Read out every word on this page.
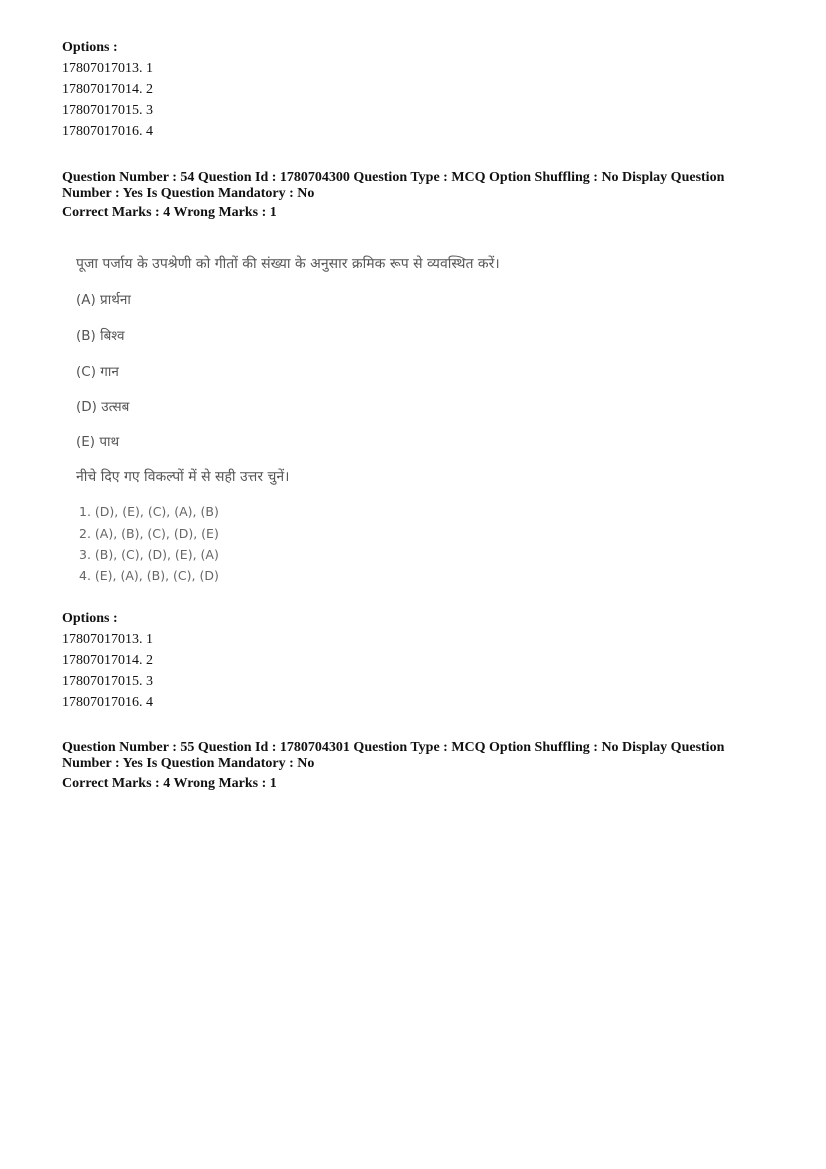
Options :
17807017013. 1
17807017014. 2
17807017015. 3
17807017016. 4
Question Number : 54 Question Id : 1780704300 Question Type : MCQ Option Shuffling : No Display Question Number : Yes Is Question Mandatory : No
Correct Marks : 4 Wrong Marks : 1
पूजा पर्जाय के उपश्रेणी को गीतों की संख्या के अनुसार क्रमिक रूप से व्यवस्थित करें।
(A) प्रार्थना
(B) बिश्व
(C) गान
(D) उत्सब
(E) पाथ
नीचे दिए गए विकल्पों में से सही उत्तर चुनें।
1. (D), (E), (C), (A), (B)
2. (A), (B), (C), (D), (E)
3. (B), (C), (D), (E), (A)
4. (E), (A), (B), (C), (D)
Options :
17807017013. 1
17807017014. 2
17807017015. 3
17807017016. 4
Question Number : 55 Question Id : 1780704301 Question Type : MCQ Option Shuffling : No Display Question Number : Yes Is Question Mandatory : No
Correct Marks : 4 Wrong Marks : 1
